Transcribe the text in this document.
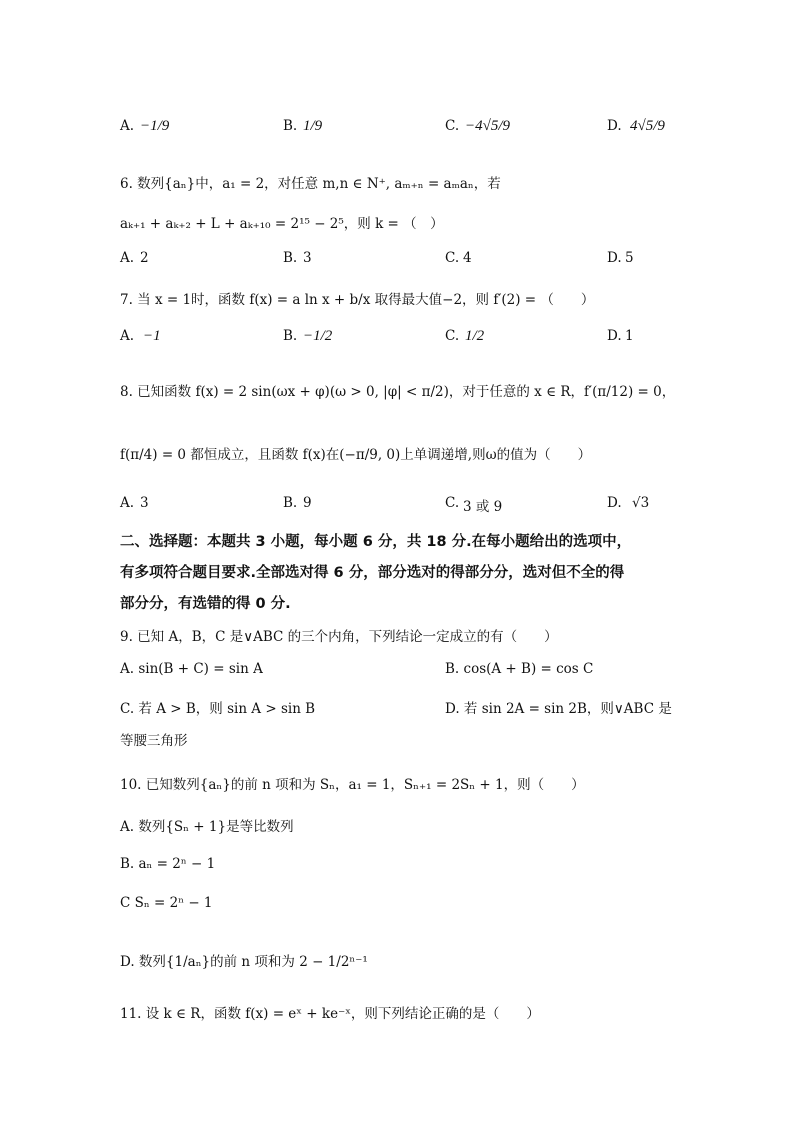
A. −1/9	B. 1/9	C. −4√5/9	D. 4√5/9
6. 数列{aₙ}中，a₁ = 2，对任意 m,n ∈ N⁺, aₘ₊ₙ = aₘaₙ，若
aₖ₊₁ + aₖ₊₂ + L + aₖ₊₁₀ = 2¹⁵ − 2⁵，则 k = （　）
A. 2	B. 3	C. 4	D. 5
7. 当 x = 1时，函数 f(x) = a ln x + b/x 取得最大值−2，则 f′(2) = （　　）
A. −1	B. −1/2	C. 1/2	D. 1
8. 已知函数 f(x) = 2 sin(ωx + φ)(ω > 0, |φ| < π/2)，对于任意的 x ∈ R，f′(π/12) = 0，
f(π/4) = 0 都恒成立，且函数 f(x)在(−π/9, 0)上单调递增,则ω的值为（　　）
A. 3	B. 9	C. 3 或 9	D. √3
二、选择题：本题共 3 小题，每小题 6 分，共 18 分.在每小题给出的选项中，
有多项符合题目要求.全部选对得 6 分，部分选对的得部分分，选对但不全的得
部分分，有选错的得 0 分.
9. 已知 A，B，C 是∨ABC 的三个内角，下列结论一定成立的有（　　）
A. sin(B + C) = sin A	B. cos(A + B) = cos C
C. 若 A > B，则 sin A > sin B	D. 若 sin 2A = sin 2B，则∨ABC 是
等腰三角形
10. 已知数列{aₙ}的前 n 项和为 Sₙ，a₁ = 1，Sₙ₊₁ = 2Sₙ + 1，则（　　）
A. 数列{Sₙ + 1}是等比数列
B. aₙ = 2ⁿ − 1
C Sₙ = 2ⁿ − 1
D. 数列{1/aₙ}的前 n 项和为 2 − 1/2ⁿ⁻¹
11. 设 k ∈ R，函数 f(x) = eˣ + ke⁻ˣ，则下列结论正确的是（　　）
